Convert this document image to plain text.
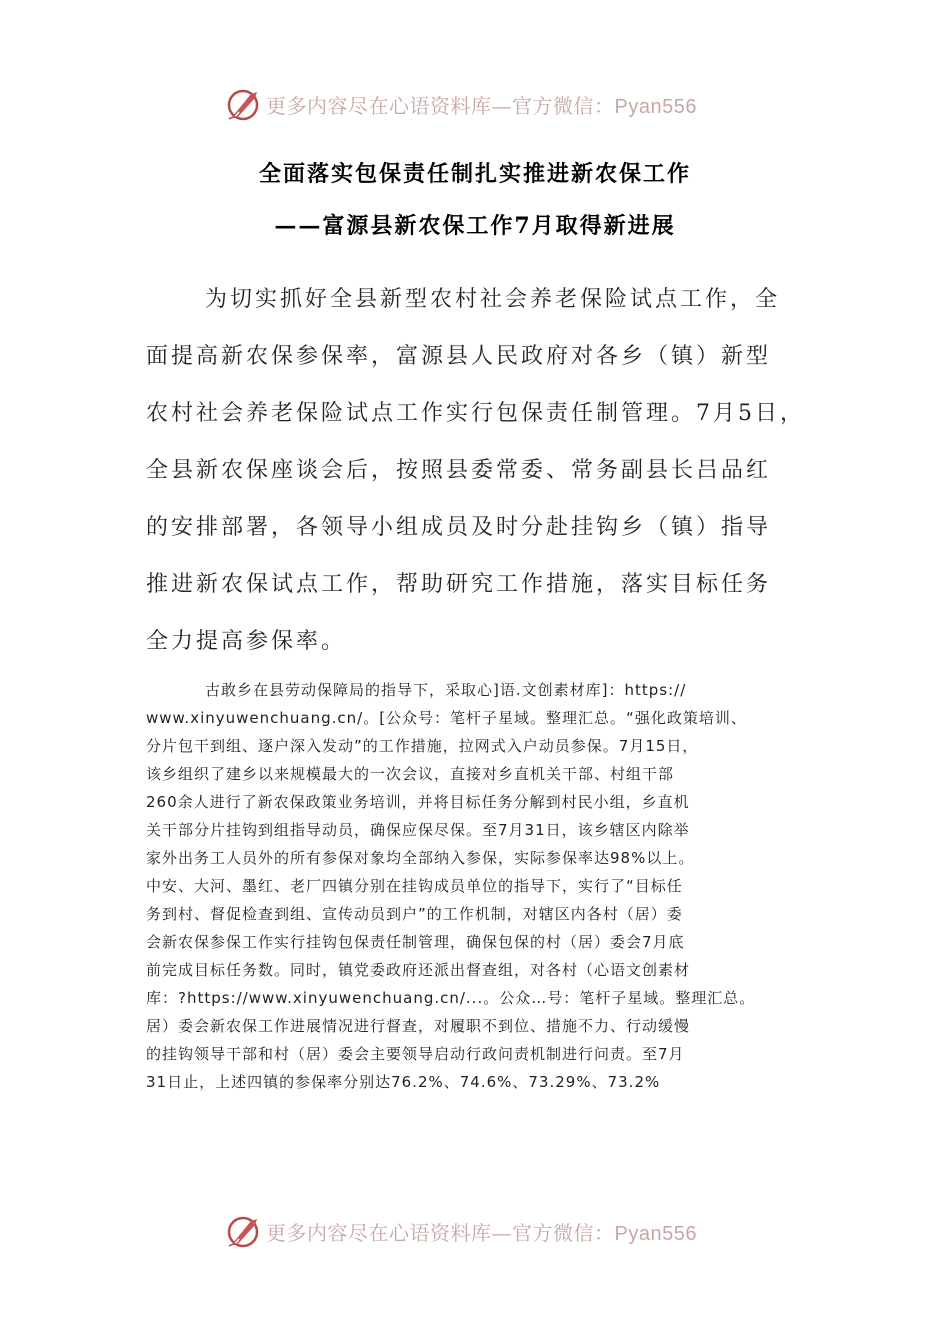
更多内容尽在心语资料库—官方微信：Pyan556
全面落实包保责任制扎实推进新农保工作
——富源县新农保工作7月取得新进展
为切实抓好全县新型农村社会养老保险试点工作，全
面提高新农保参保率，富源县人民政府对各乡（镇）新型
农村社会养老保险试点工作实行包保责任制管理。7月5日，
全县新农保座谈会后，按照县委常委、常务副县长吕品红
的安排部署，各领导小组成员及时分赴挂钩乡（镇）指导
推进新农保试点工作，帮助研究工作措施，落实目标任务
全力提高参保率。
古敢乡在县劳动保障局的指导下，采取心]语.文创素材库]：https://
www.xinyuwenchuang.cn/。[公众号：笔杆子星域。整理汇总。“强化政策培训、
分片包干到组、逐户深入发动”的工作措施，拉网式入户动员参保。7月15日，
该乡组织了建乡以来规模最大的一次会议，直接对乡直机关干部、村组干部
260余人进行了新农保政策业务培训，并将目标任务分解到村民小组，乡直机
关干部分片挂钩到组指导动员，确保应保尽保。至7月31日，该乡辖区内除举
家外出务工人员外的所有参保对象均全部纳入参保，实际参保率达98%以上。
中安、大河、墨红、老厂四镇分别在挂钩成员单位的指导下，实行了“目标任
务到村、督促检查到组、宣传动员到户”的工作机制，对辖区内各村（居）委
会新农保参保工作实行挂钩包保责任制管理，确保包保的村（居）委会7月底
前完成目标任务数。同时，镇党委政府还派出督查组，对各村（心语文创素材
库：?https://www.xinyuwenchuang.cn/...。公众…号：笔杆子星域。整理汇总。
居）委会新农保工作进展情况进行督查，对履职不到位、措施不力、行动缓慢
的挂钩领导干部和村（居）委会主要领导启动行政问责机制进行问责。至7月
31日止，上述四镇的参保率分别达76.2%、74.6%、73.29%、73.2%
更多内容尽在心语资料库—官方微信：Pyan556
